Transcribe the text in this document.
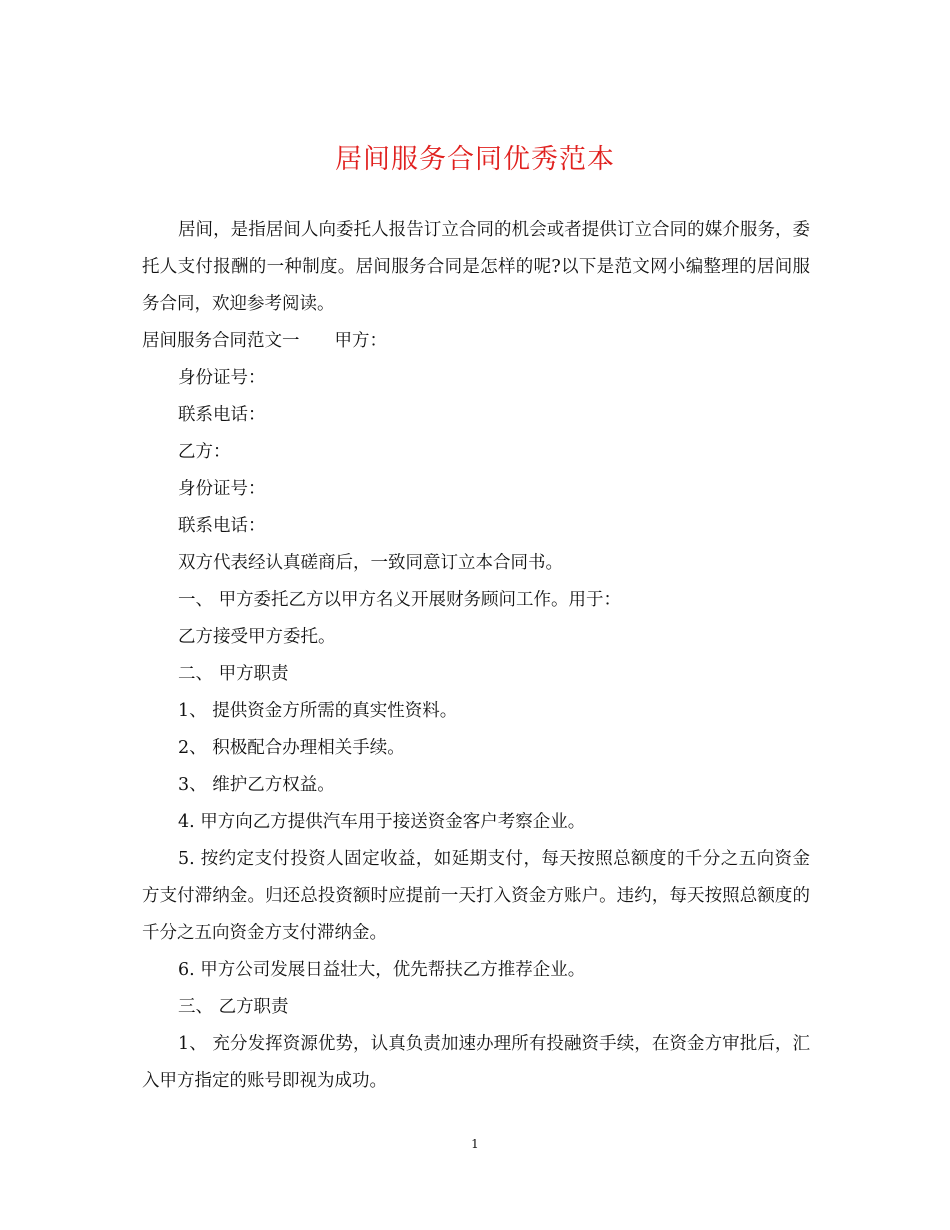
居间服务合同优秀范本

居间，是指居间人向委托人报告订立合同的机会或者提供订立合同的媒介服务，委托人支付报酬的一种制度。居间服务合同是怎样的呢?以下是范文网小编整理的居间服务合同，欢迎参考阅读。

居间服务合同范文一　　甲方：

身份证号：

联系电话：

乙方：

身份证号：

联系电话：

双方代表经认真磋商后，一致同意订立本合同书。

一、 甲方委托乙方以甲方名义开展财务顾问工作。用于：

乙方接受甲方委托。

二、 甲方职责

1、 提供资金方所需的真实性资料。

2、 积极配合办理相关手续。

3、 维护乙方权益。

4. 甲方向乙方提供汽车用于接送资金客户考察企业。

5. 按约定支付投资人固定收益，如延期支付，每天按照总额度的千分之五向资金方支付滞纳金。归还总投资额时应提前一天打入资金方账户。违约，每天按照总额度的千分之五向资金方支付滞纳金。

6. 甲方公司发展日益壮大，优先帮扶乙方推荐企业。

三、 乙方职责

1、 充分发挥资源优势，认真负责加速办理所有投融资手续，在资金方审批后，汇入甲方指定的账号即视为成功。

1
